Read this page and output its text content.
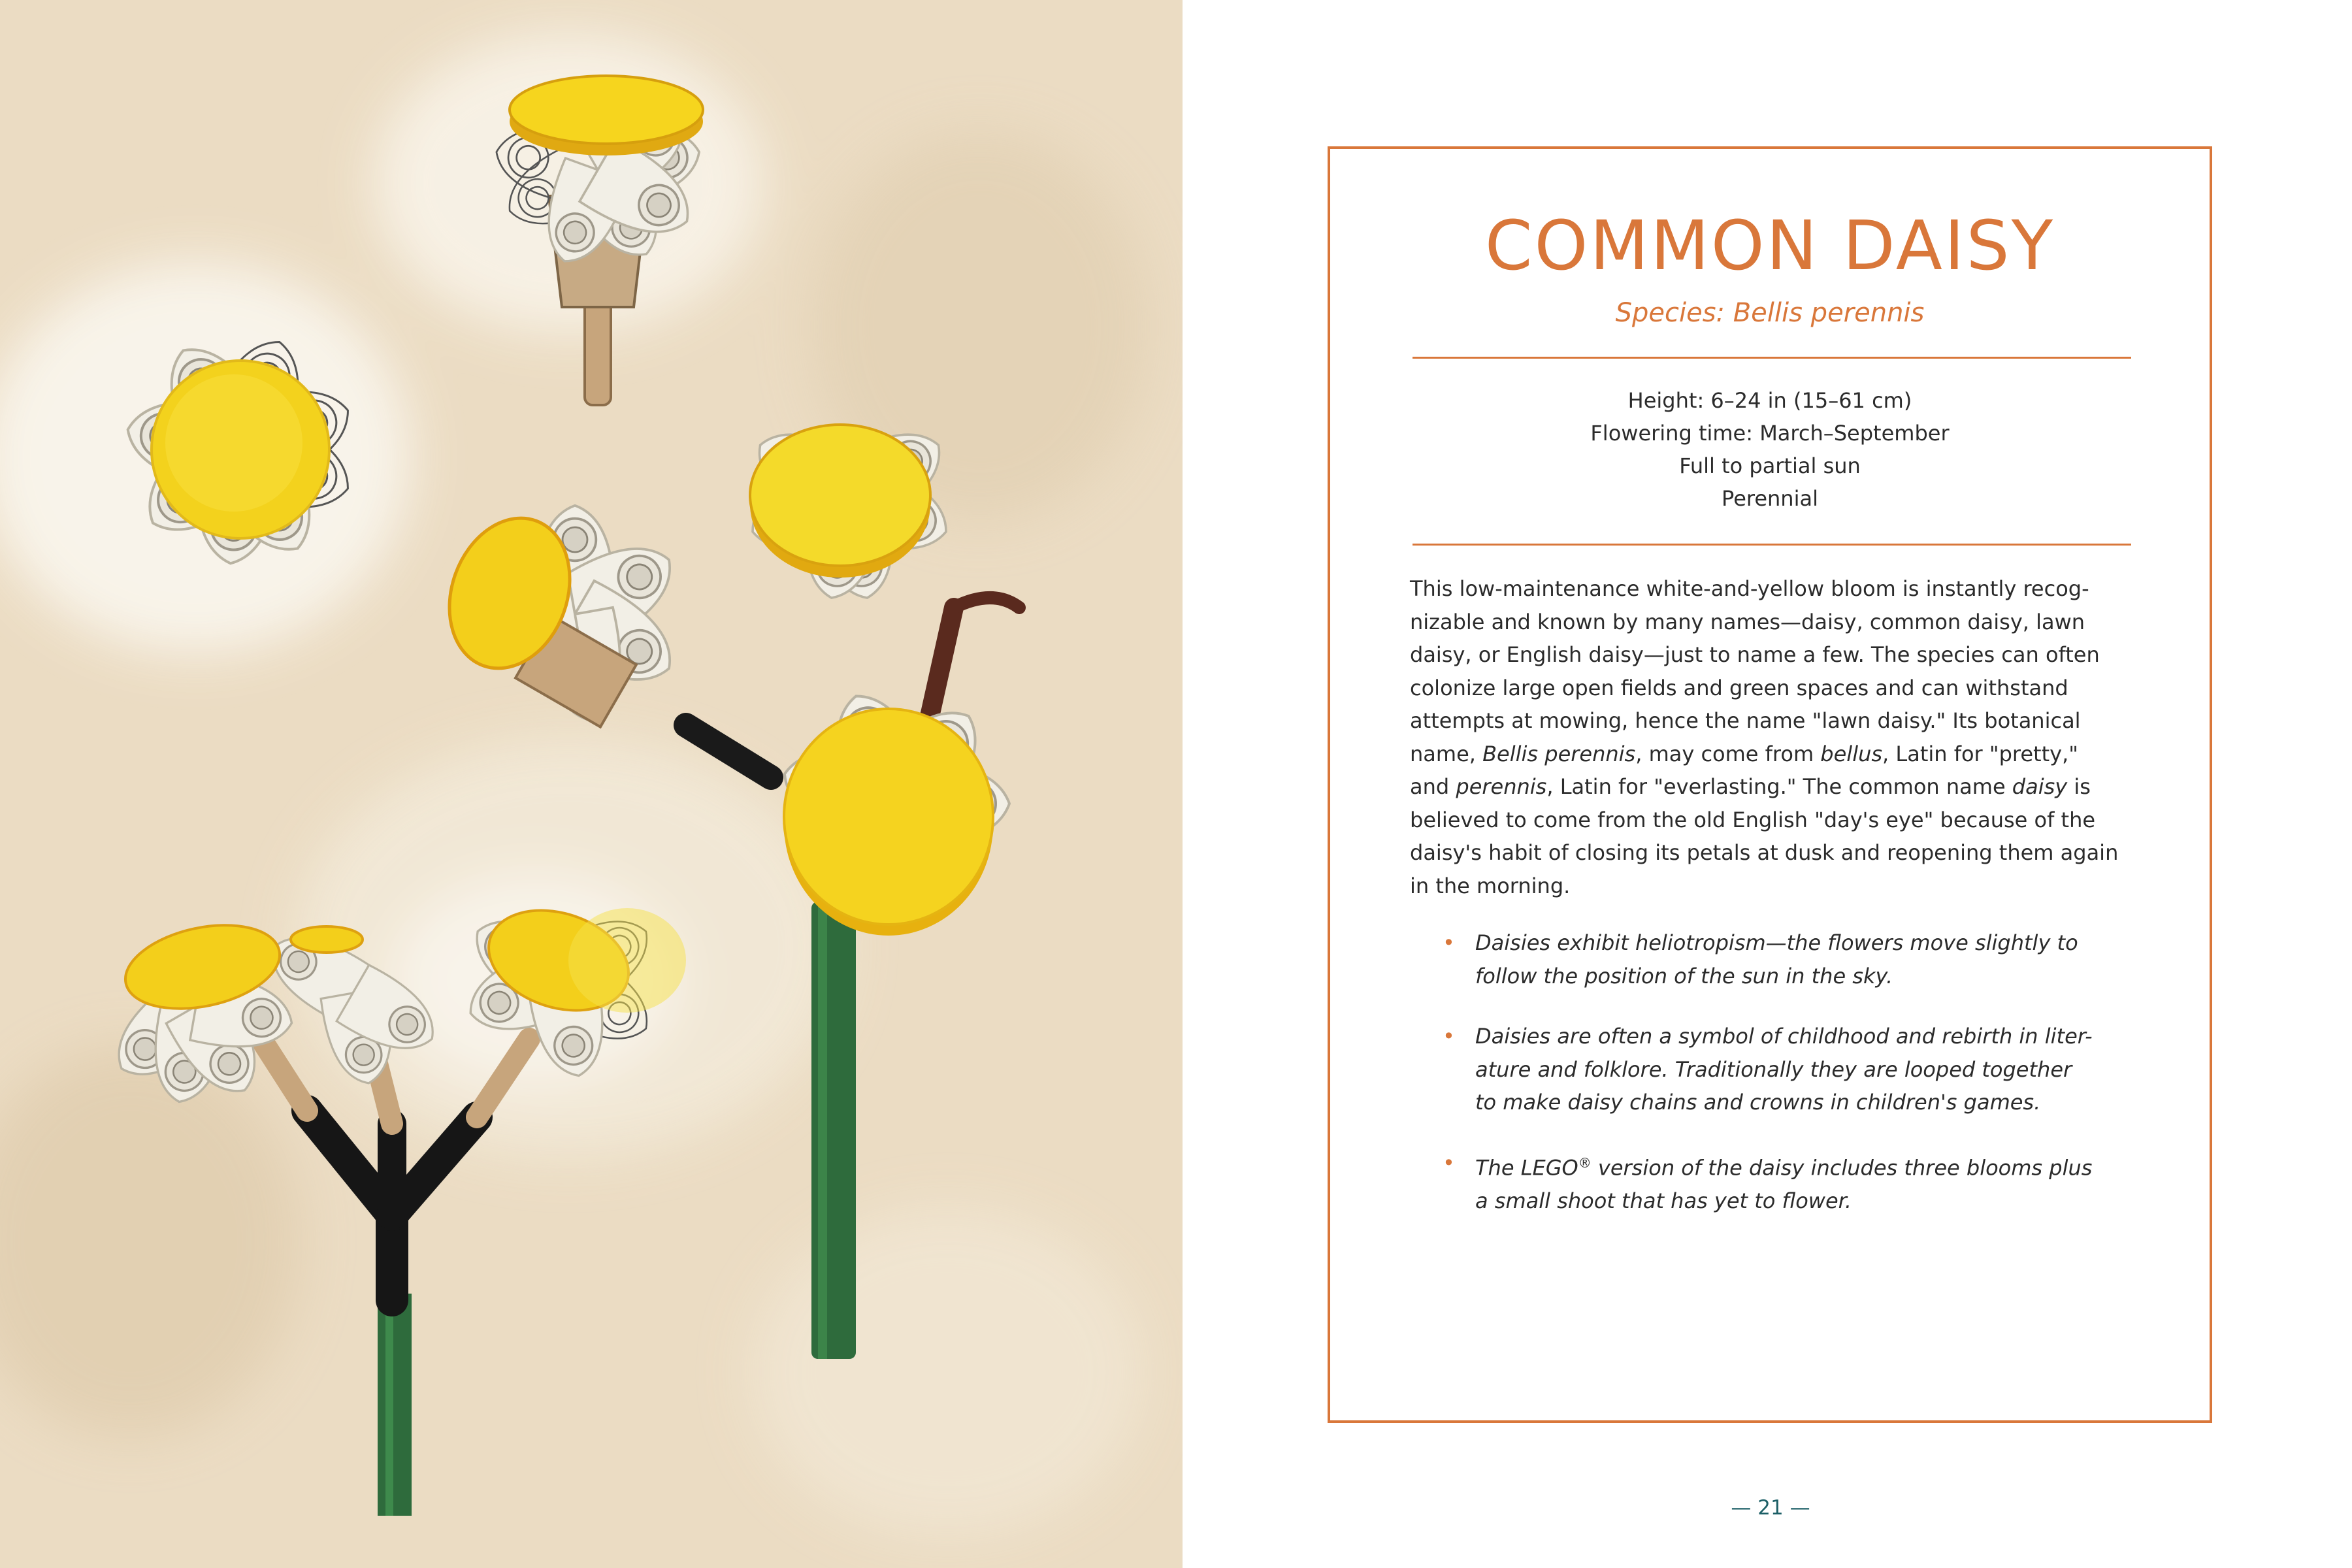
COMMON DAISY
Species: Bellis perennis
Height: 6–24 in (15–61 cm)
Flowering time: March–September
Full to partial sun
Perennial
This low-maintenance white-and-yellow bloom is instantly recog-
nizable and known by many names—daisy, common daisy, lawn
daisy, or English daisy—just to name a few. The species can often
colonize large open fields and green spaces and can withstand
attempts at mowing, hence the name "lawn daisy." Its botanical
name, Bellis perennis, may come from bellus, Latin for "pretty,"
and perennis, Latin for "everlasting." The common name daisy is
believed to come from the old English "day's eye" because of the
daisy's habit of closing its petals at dusk and reopening them again
in the morning.
• Daisies exhibit heliotropism—the flowers move slightly to
follow the position of the sun in the sky.
• Daisies are often a symbol of childhood and rebirth in liter-
ature and folklore. Traditionally they are looped together
to make daisy chains and crowns in children's games.
• The LEGO® version of the daisy includes three blooms plus
a small shoot that has yet to flower.
— 21 —
